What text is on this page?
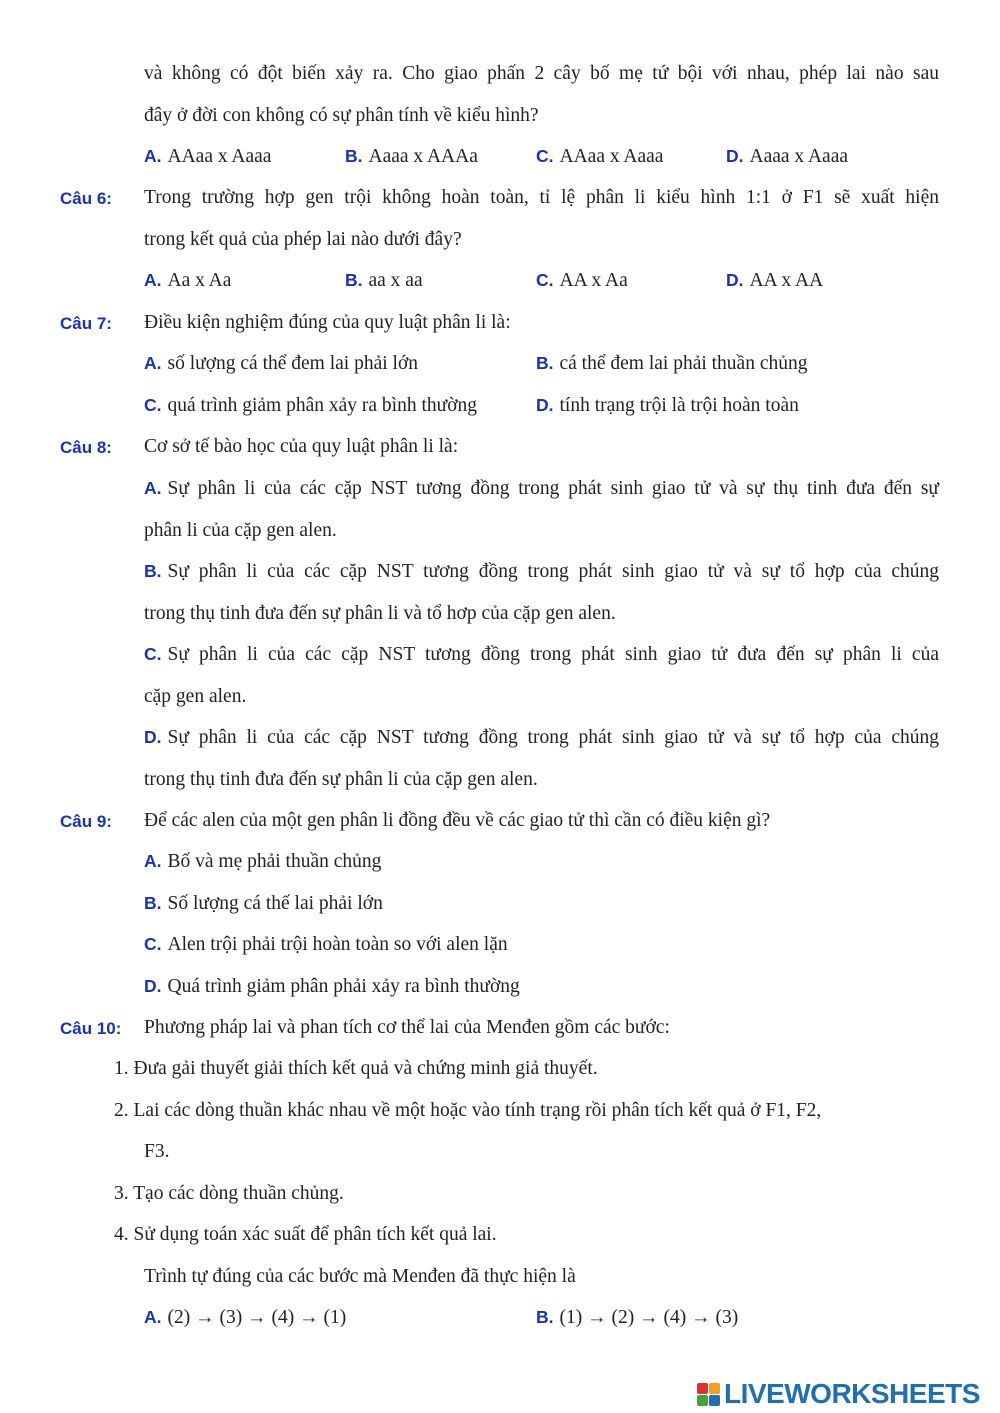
và không có đột biến xảy ra. Cho giao phấn 2 cây bố mẹ tứ bội với nhau, phép lai nào sau
đây ở đời con không có sự phân tính về kiểu hình?
A. AAaa x Aaaa	B. Aaaa x AAAa	C. AAaa x Aaaa	D. Aaaa x Aaaa
Câu 6: Trong trường hợp gen trội không hoàn toàn, tỉ lệ phân li kiểu hình 1:1 ở F1 sẽ xuất hiện
trong kết quả của phép lai nào dưới đây?
A. Aa x Aa	B. aa x aa	C. AA x Aa	D. AA x AA
Câu 7: Điều kiện nghiệm đúng của quy luật phân li là:
A. số lượng cá thể đem lai phải lớn	B. cá thể đem lai phải thuần chủng
C. quá trình giảm phân xảy ra bình thường	D. tính trạng trội là trội hoàn toàn
Câu 8: Cơ sở tế bào học của quy luật phân li là:
A. Sự phân li của các cặp NST tương đồng trong phát sinh giao tử và sự thụ tinh đưa đến sự
phân li của cặp gen alen.
B. Sự phân li của các cặp NST tương đồng trong phát sinh giao tử và sự tổ hợp của chúng
trong thụ tinh đưa đến sự phân li và tổ hơp của cặp gen alen.
C. Sự phân li của các cặp NST tương đồng trong phát sinh giao tử đưa đến sự phân li của
cặp gen alen.
D. Sự phân li của các cặp NST tương đồng trong phát sinh giao tử và sự tổ hợp của chúng
trong thụ tinh đưa đến sự phân li của cặp gen alen.
Câu 9: Để các alen của một gen phân li đồng đều về các giao tử thì cần có điều kiện gì?
A. Bố và mẹ phải thuần chủng
B. Số lượng cá thế lai phải lớn
C. Alen trội phải trội hoàn toàn so với alen lặn
D. Quá trình giảm phân phải xảy ra bình thường
Câu 10: Phương pháp lai và phan tích cơ thể lai của Menđen gồm các bước:
1. Đưa gải thuyết giải thích kết quả và chứng minh giả thuyết.
2. Lai các dòng thuần khác nhau về một hoặc vào tính trạng rồi phân tích kết quả ở F1, F2,
F3.
3. Tạo các dòng thuần chủng.
4. Sử dụng toán xác suất để phân tích kết quả lai.
Trình tự đúng của các bước mà Menđen đã thực hiện là
A. (2) → (3) → (4) → (1)	B. (1) → (2) → (4) → (3)
LIVEWORKSHEETS
